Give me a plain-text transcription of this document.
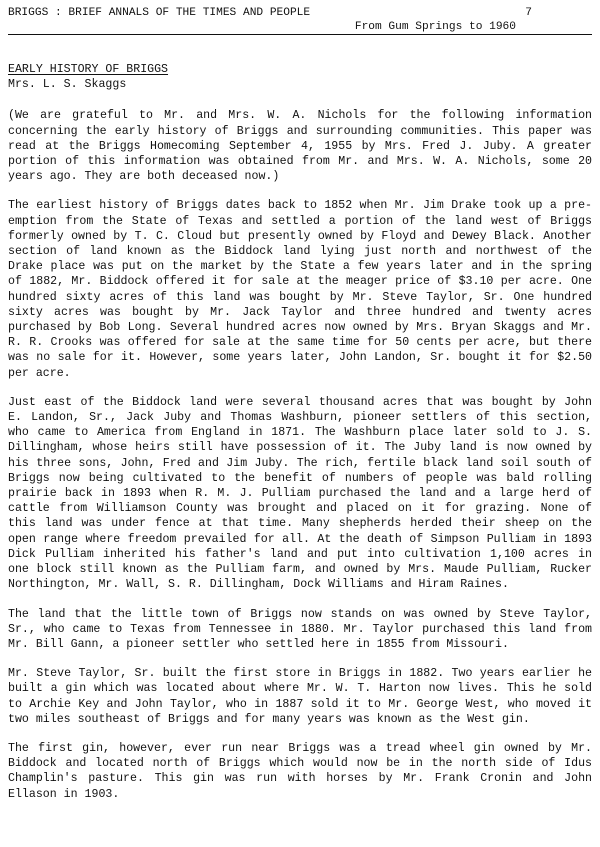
BRIGGS : BRIEF ANNALS OF THE TIMES AND PEOPLE	7
From Gum Springs to 1960
EARLY HISTORY OF BRIGGS
Mrs. L. S. Skaggs

(We are grateful to Mr. and Mrs. W. A. Nichols for the following information concerning the early history of Briggs and surrounding communities. This paper was read at the Briggs Homecoming September 4, 1955 by Mrs. Fred J. Juby. A greater portion of this information was obtained from Mr. and Mrs. W. A. Nichols, some 20 years ago. They are both deceased now.)

The earliest history of Briggs dates back to 1852 when Mr. Jim Drake took up a pre-emption from the State of Texas and settled a portion of the land west of Briggs formerly owned by T. C. Cloud but presently owned by Floyd and Dewey Black. Another section of land known as the Biddock land lying just north and northwest of the Drake place was put on the market by the State a few years later and in the spring of 1882, Mr. Biddock offered it for sale at the meager price of $3.10 per acre. One hundred sixty acres of this land was bought by Mr. Steve Taylor, Sr. One hundred sixty acres was bought by Mr. Jack Taylor and three hundred and twenty acres purchased by Bob Long. Several hundred acres now owned by Mrs. Bryan Skaggs and Mr. R. R. Crooks was offered for sale at the same time for 50 cents per acre, but there was no sale for it. However, some years later, John Landon, Sr. bought it for $2.50 per acre.

Just east of the Biddock land were several thousand acres that was bought by John E. Landon, Sr., Jack Juby and Thomas Washburn, pioneer settlers of this section, who came to America from England in 1871. The Washburn place later sold to J. S. Dillingham, whose heirs still have possession of it. The Juby land is now owned by his three sons, John, Fred and Jim Juby. The rich, fertile black land soil south of Briggs now being cultivated to the benefit of numbers of people was bald rolling prairie back in 1893 when R. M. J. Pulliam purchased the land and a large herd of cattle from Williamson County was brought and placed on it for grazing. None of this land was under fence at that time. Many shepherds herded their sheep on the open range where freedom prevailed for all. At the death of Simpson Pulliam in 1893 Dick Pulliam inherited his father's land and put into cultivation 1,100 acres in one block still known as the Pulliam farm, and owned by Mrs. Maude Pulliam, Rucker Northington, Mr. Wall, S. R. Dillingham, Dock Williams and Hiram Raines.

The land that the little town of Briggs now stands on was owned by Steve Taylor, Sr., who came to Texas from Tennessee in 1880. Mr. Taylor purchased this land from Mr. Bill Gann, a pioneer settler who settled here in 1855 from Missouri.

Mr. Steve Taylor, Sr. built the first store in Briggs in 1882. Two years earlier he built a gin which was located about where Mr. W. T. Harton now lives. This he sold to Archie Key and John Taylor, who in 1887 sold it to Mr. George West, who moved it two miles southeast of Briggs and for many years was known as the West gin.

The first gin, however, ever run near Briggs was a tread wheel gin owned by Mr. Biddock and located north of Briggs which would now be in the north side of Idus Champlin's pasture. This gin was run with horses by Mr. Frank Cronin and John Ellason in 1903.
